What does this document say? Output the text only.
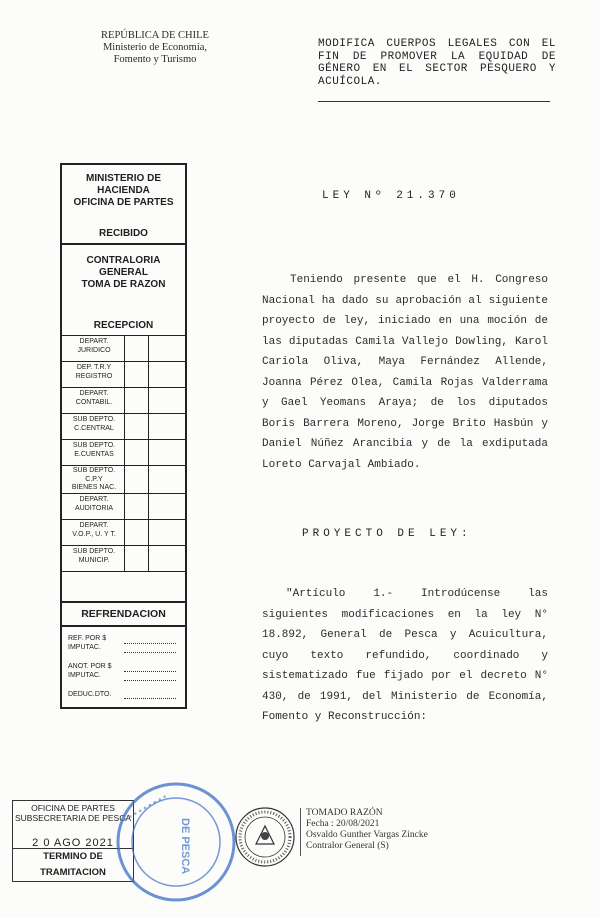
REPÚBLICA DE CHILE
Ministerio de Economía,
Fomento y Turismo
MODIFICA CUERPOS LEGALES CON EL FIN DE PROMOVER LA EQUIDAD DE GÉNERO EN EL SECTOR PESQUERO Y ACUÍCOLA.
MINISTERIO DE HACIENDA
OFICINA DE PARTES
RECIBIDO
CONTRALORIA GENERAL
TOMA DE RAZON
RECEPCION
DEPART.
JURIDICO
DEP. T.R.Y
REGISTRO
DEPART.
CONTABIL.
SUB DEPTO.
C.CENTRAL
SUB DEPTO.
E.CUENTAS
SUB DEPTO.
C.P.Y
BIENES NAC.
DEPART.
AUDITORIA
DEPART.
V.O.P., U. Y T.
SUB DEPTO.
MUNICIP.
REFRENDACION
REF. POR $
IMPUTAC.
ANOT. POR $
IMPUTAC.
DEDUC.DTO.
LEY Nº 21.370
Teniendo presente que el H. Congreso Nacional ha dado su aprobación al siguiente proyecto de ley, iniciado en una moción de las diputadas Camila Vallejo Dowling, Karol Cariola Oliva, Maya Fernández Allende, Joanna Pérez Olea, Camila Rojas Valderrama y Gael Yeomans Araya; de los diputados Boris Barrera Moreno, Jorge Brito Hasbún y Daniel Núñez Arancibia y de la exdiputada Loreto Carvajal Ambiado.
PROYECTO DE LEY:
"Artículo 1.- Introdúcense las siguientes modificaciones en la ley N° 18.892, General de Pesca y Acuicultura, cuyo texto refundido, coordinado y sistematizado fue fijado por el decreto N° 430, de 1991, del Ministerio de Economía, Fomento y Reconstrucción:
OFICINA DE PARTES
SUBSECRETARIA DE PESCA
2 0 AGO 2021
TERMINO DE TRAMITACION
• • • • • • • • •
DE PESCA
TOMADO RAZÓN
Fecha : 20/08/2021
Osvaldo Gunther Vargas Zincke
Contralor General (S)
